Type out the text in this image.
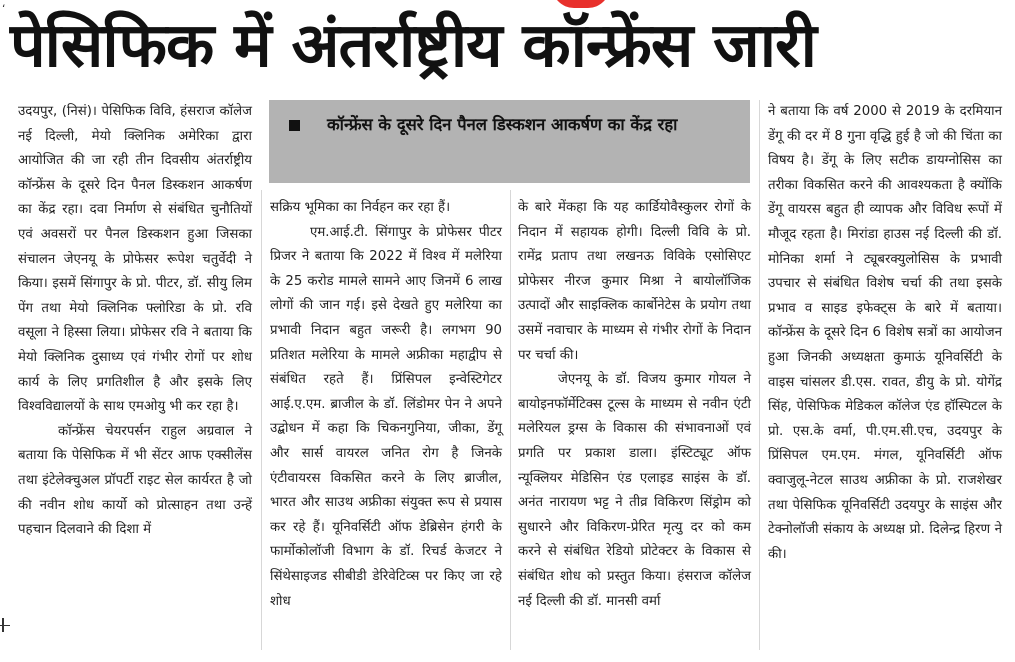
ʻ
पेसिफिक में अंतर्राष्ट्रीय कॉन्फ्रेंस जारी
कॉन्फ्रेंस के दूसरे दिन पैनल डिस्कशन आकर्षण का केंद्र रहा

उदयपुर, (निसं)। पेसिफिक विवि, हंसराज कॉलेज नई दिल्ली, मेयो क्लिनिक अमेरिका द्वारा आयोजित की जा रही तीन दिवसीय अंतर्राष्ट्रीय कॉन्फ्रेंस के दूसरे दिन पैनल डिस्कशन आकर्षण का केंद्र रहा। दवा निर्माण से संबंधित चुनौतियों एवं अवसरों पर पैनल डिस्कशन हुआ जिसका संचालन जेएनयू के प्रोफेसर रूपेश चतुर्वेदी ने किया। इसमें सिंगापुर के प्रो. पीटर, डॉ. सीयु लिम पेंग तथा मेयो क्लिनिक फ्लोरिडा के प्रो. रवि वसूला ने हिस्सा लिया। प्रोफेसर रवि ने बताया कि मेयो क्लिनिक दुसाध्य एवं गंभीर रोगों पर शोध कार्य के लिए प्रगतिशील है और इसके लिए विश्वविद्यालयों के साथ एमओयु भी कर रहा है।

कॉन्फ्रेंस चेयरपर्सन राहुल अग्रवाल ने बताया कि पेसिफिक में भी सेंटर आफ एक्सीलेंस तथा इंटेलेक्चुअल प्रॉपर्टी राइट सेल कार्यरत है जो की नवीन शोध कार्यो को प्रोत्साहन तथा उन्हें पहचान दिलवाने की दिशा में

सक्रिय भूमिका का निर्वहन कर रहा हैं।

एम.आई.टी. सिंगापुर के प्रोफेसर पीटर प्रिजर ने बताया कि 2022 में विश्व में मलेरिया के 25 करोड मामले सामने आए जिनमें 6 लाख लोगों की जान गई। इसे देखते हुए मलेरिया का प्रभावी निदान बहुत जरूरी है। लगभग 90 प्रतिशत मलेरिया के मामले अफ्रीका महाद्वीप से संबंधित रहते हैं। प्रिंसिपल इन्वेस्टिगेटर आई.ए.एम. ब्राजील के डॉ. लिंडोमर पेन ने अपने उद्बोधन में कहा कि चिकनगुनिया, जीका, डेंगू और सार्स वायरल जनित रोग है जिनके एंटीवायरस विकसित करने के लिए ब्राजील, भारत और साउथ अफ्रीका संयुक्त रूप से प्रयास कर रहे हैं। यूनिवर्सिटी ऑफ डेब्रिसेन हंगरी के फार्मोकोलॉजी विभाग के डॉ. रिचर्ड केजटर ने सिंथेसाइजड सीबीडी डेरिवेटिव्स पर किए जा रहे शोध

के बारे मेंकहा कि यह कार्डियोवैस्कुलर रोगों के निदान में सहायक होगी। दिल्ली विवि के प्रो. रामेंद्र प्रताप तथा लखनऊ विविके एसोसिएट प्रोफेसर नीरज कुमार मिश्रा ने बायोलॉजिक उत्पादों और साइक्लिक कार्बोनेटेस के प्रयोग तथा उसमें नवाचार के माध्यम से गंभीर रोगों के निदान पर चर्चा की।

जेएनयू के डॉ. विजय कुमार गोयल ने बायोइनफॉर्मेटिक्स टूल्स के माध्यम से नवीन एंटी मलेरियल ड्रग्स के विकास की संभावनाओं एवं प्रगति पर प्रकाश डाला। इंस्टिट्यूट ऑफ न्यूक्लियर मेडिसिन एंड एलाइड साइंस के डॉ. अनंत नारायण भट्ट ने तीव्र विकिरण सिंड्रोम को सुधारने और विकिरण-प्रेरित मृत्यु दर को कम करने से संबंधित रेडियो प्रोटेक्टर के विकास से संबंधित शोध को प्रस्तुत किया। हंसराज कॉलेज नई दिल्ली की डॉ. मानसी वर्मा

ने बताया कि वर्ष 2000 से 2019 के दरमियान डेंगू की दर में 8 गुना वृद्धि हुई है जो की चिंता का विषय है। डेंगू के लिए सटीक डायग्नोसिस का तरीका विकसित करने की आवश्यकता है क्योंकि डेंगू वायरस बहुत ही व्यापक और विविध रूपों में मौजूद रहता है। मिरांडा हाउस नई दिल्ली की डॉ. मोनिका शर्मा ने ट्यूबरक्युलोसिस के प्रभावी उपचार से संबंधित विशेष चर्चा की तथा इसके प्रभाव व साइड इफेक्ट्स के बारे में बताया। कॉन्फ्रेंस के दूसरे दिन 6 विशेष सत्रों का आयोजन हुआ जिनकी अध्यक्षता कुमाऊं यूनिवर्सिटी के वाइस चांसलर डी.एस. रावत, डीयु के प्रो. योगेंद्र सिंह, पेसिफिक मेडिकल कॉलेज एंड हॉस्पिटल के प्रो. एस.के वर्मा, पी.एम.सी.एच, उदयपुर के प्रिंसिपल एम.एम. मंगल, यूनिवर्सिटी ऑफ क्वाजुलू-नेटल साउथ अफ्रीका के प्रो. राजशेखर तथा पेसिफिक यूनिवर्सिटी उदयपुर के साइंस और टेक्नोलॉजी संकाय के अध्यक्ष प्रो. दिलेन्द्र हिरण ने की।
